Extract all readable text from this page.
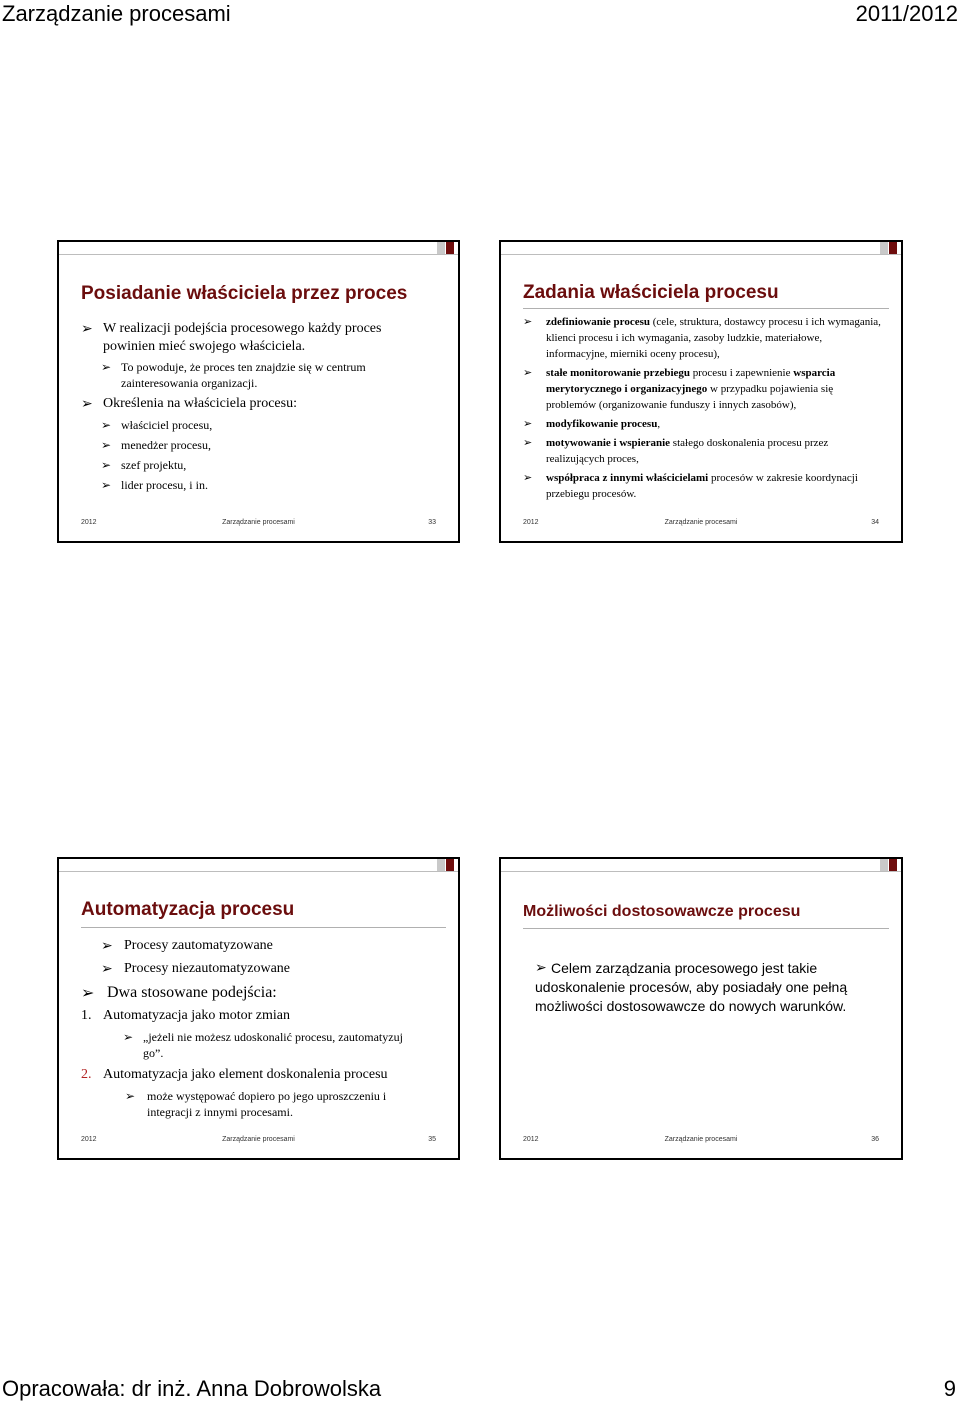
Zarządzanie procesami	2011/2012
Posiadanie właściciela przez proces
➢ W realizacji podejścia procesowego każdy proces powinien mieć swojego właściciela.
➢ To powoduje, że proces ten znajdzie się w centrum zainteresowania organizacji.
➢ Określenia na właściciela procesu:
➢ właściciel procesu,
➢ menedżer procesu,
➢ szef projektu,
➢ lider procesu, i in.
2012	Zarządzanie procesami	33
Zadania właściciela procesu
➢ zdefiniowanie procesu (cele, struktura, dostawcy procesu i ich wymagania, klienci procesu i ich wymagania, zasoby ludzkie, materiałowe, informacyjne, mierniki oceny procesu),
➢ stałe monitorowanie przebiegu procesu i zapewnienie wsparcia merytorycznego i organizacyjnego w przypadku pojawienia się problemów (organizowanie funduszy i innych zasobów),
➢ modyfikowanie procesu,
➢ motywowanie i wspieranie stałego doskonalenia procesu przez realizujących proces,
➢ współpraca z innymi właścicielami procesów w zakresie koordynacji przebiegu procesów.
2012	Zarządzanie procesami	34
Automatyzacja procesu
➢ Procesy zautomatyzowane
➢ Procesy niezautomatyzowane
➢ Dwa stosowane podejścia:
1. Automatyzacja jako motor zmian
➢ „jeżeli nie możesz udoskonalić procesu, zautomatyzuj go”.
2. Automatyzacja jako element doskonalenia procesu
➢ może występować dopiero po jego uproszczeniu i integracji z innymi procesami.
2012	Zarządzanie procesami	35
Możliwości dostosowawcze procesu
➢ Celem zarządzania procesowego jest takie udoskonalenie procesów, aby posiadały one pełną możliwości dostosowawcze do nowych warunków.
2012	Zarządzanie procesami	36
Opracowała: dr inż. Anna Dobrowolska	9
